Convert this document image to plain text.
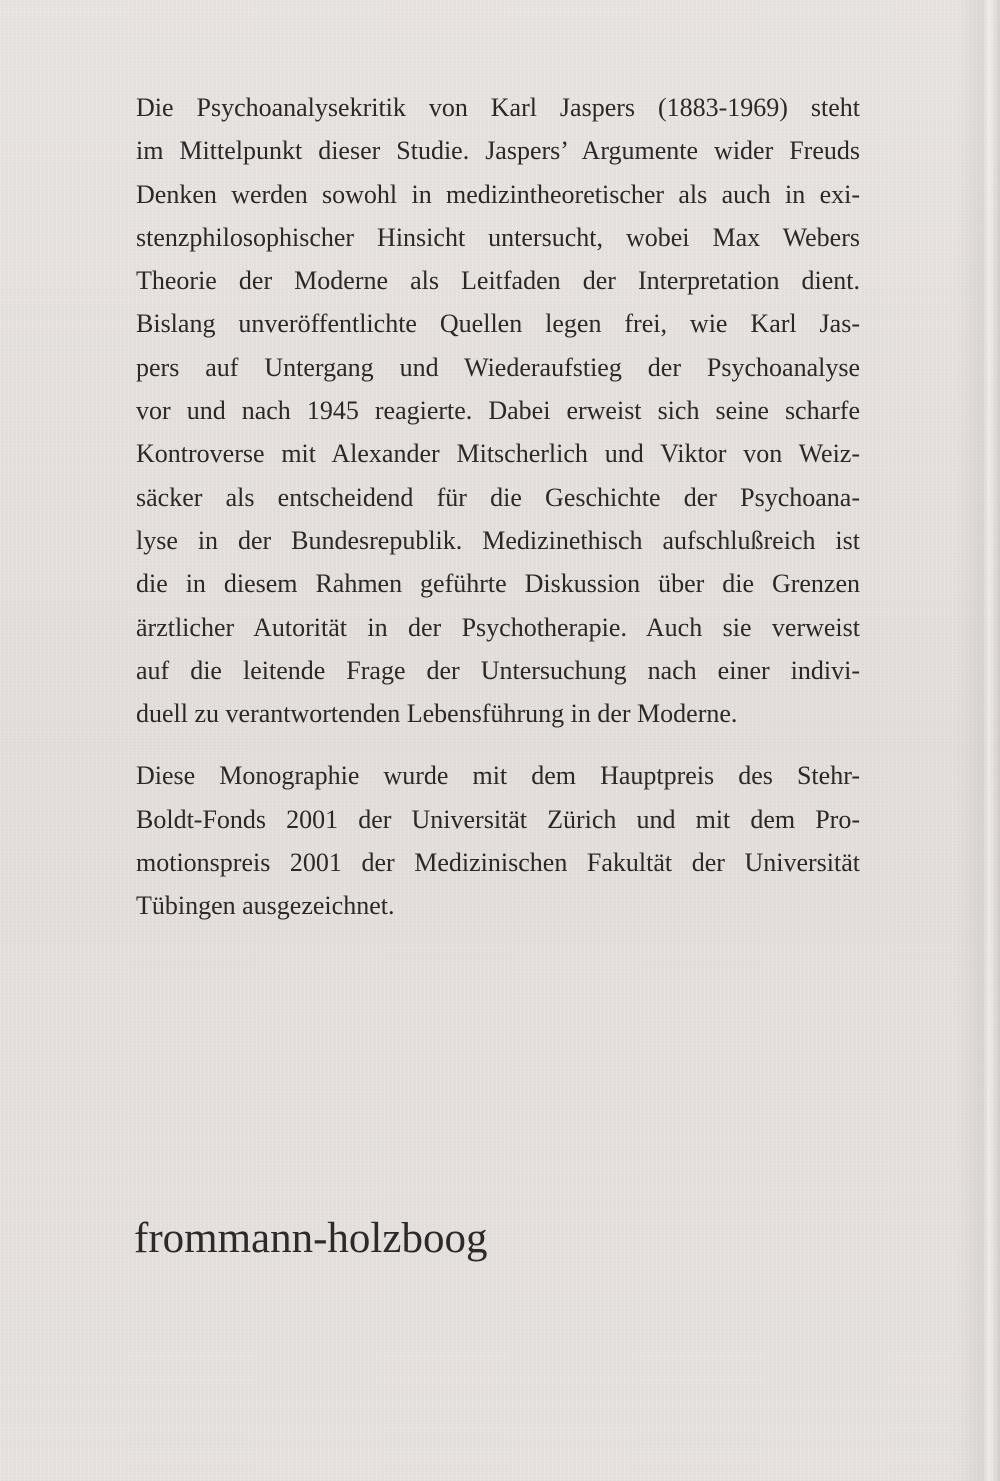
Die Psychoanalysekritik von Karl Jaspers (1883-1969) steht
im Mittelpunkt dieser Studie. Jaspers’ Argumente wider Freuds
Denken werden sowohl in medizintheoretischer als auch in exi-
stenzphilosophischer Hinsicht untersucht, wobei Max Webers
Theorie der Moderne als Leitfaden der Interpretation dient.
Bislang unveröffentlichte Quellen legen frei, wie Karl Jas-
pers auf Untergang und Wiederaufstieg der Psychoanalyse
vor und nach 1945 reagierte. Dabei erweist sich seine scharfe
Kontroverse mit Alexander Mitscherlich und Viktor von Weiz-
säcker als entscheidend für die Geschichte der Psychoana-
lyse in der Bundesrepublik. Medizinethisch aufschlußreich ist
die in diesem Rahmen geführte Diskussion über die Grenzen
ärztlicher Autorität in der Psychotherapie. Auch sie verweist
auf die leitende Frage der Untersuchung nach einer indivi-
duell zu verantwortenden Lebensführung in der Moderne.
Diese Monographie wurde mit dem Hauptpreis des Stehr-
Boldt-Fonds 2001 der Universität Zürich und mit dem Pro-
motionspreis 2001 der Medizinischen Fakultät der Universität
Tübingen ausgezeichnet.
frommann-holzboog
